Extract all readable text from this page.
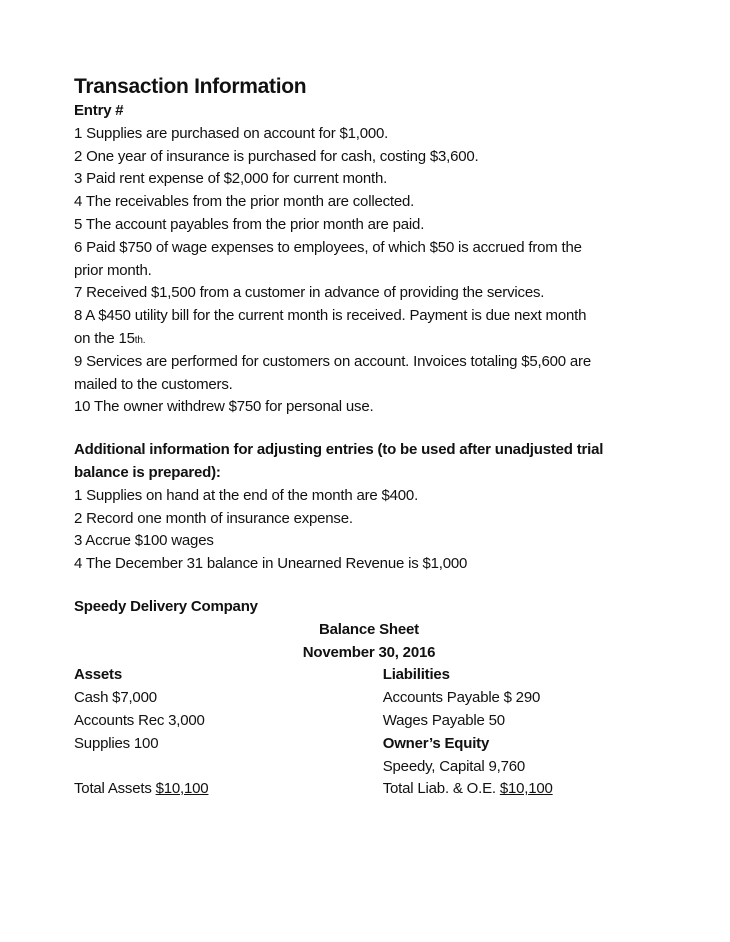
Transaction Information
Entry #
1 Supplies are purchased on account for $1,000.
2 One year of insurance is purchased for cash, costing $3,600.
3 Paid rent expense of $2,000 for current month.
4 The receivables from the prior month are collected.
5 The account payables from the prior month are paid.
6 Paid $750 of wage expenses to employees, of which $50 is accrued from the
prior month.
7 Received $1,500 from a customer in advance of providing the services.
8 A $450 utility bill for the current month is received. Payment is due next month
on the 15th.
9 Services are performed for customers on account. Invoices totaling $5,600 are
mailed to the customers.
10 The owner withdrew $750 for personal use.
Additional information for adjusting entries (to be used after unadjusted trial
balance is prepared):
1 Supplies on hand at the end of the month are $400.
2 Record one month of insurance expense.
3 Accrue $100 wages
4 The December 31 balance in Unearned Revenue is $1,000
Speedy Delivery Company
Balance Sheet
November 30, 2016
Assets
Cash $7,000
Accounts Rec 3,000
Supplies 100
Total Assets $10,100
Liabilities
Accounts Payable $ 290
Wages Payable 50
Owner’s Equity
Speedy, Capital 9,760
Total Liab. & O.E. $10,100
